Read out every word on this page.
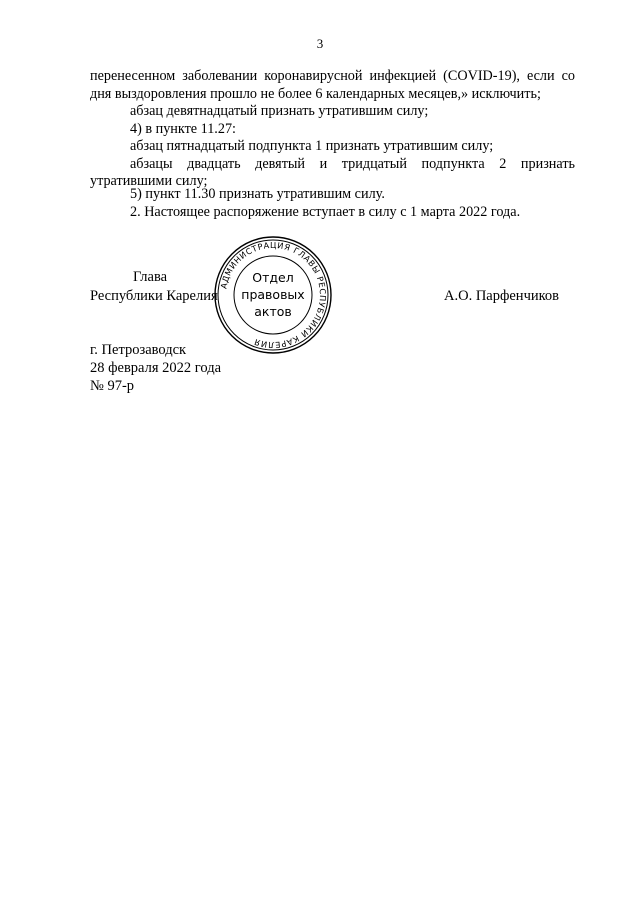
3
перенесенном заболевании коронавирусной инфекцией (COVID-19), если со
дня выздоровления прошло не более 6 календарных месяцев,» исключить;
абзац девятнадцатый признать утратившим силу;
4) в пункте 11.27:
абзац пятнадцатый подпункта 1 признать утратившим силу;
абзацы двадцать девятый и тридцатый подпункта 2 признать
утратившими силу;
5) пункт 11.30 признать утратившим силу.
2. Настоящее распоряжение вступает в силу с 1 марта 2022 года.
Глава
Республики Карелия	А.О. Парфенчиков
АДМИНИСТРАЦИЯ ГЛАВЫ РЕСПУБЛИКИ КАРЕЛИЯ
Отдел
правовых
актов
г. Петрозаводск
28 февраля 2022 года
№ 97-р
